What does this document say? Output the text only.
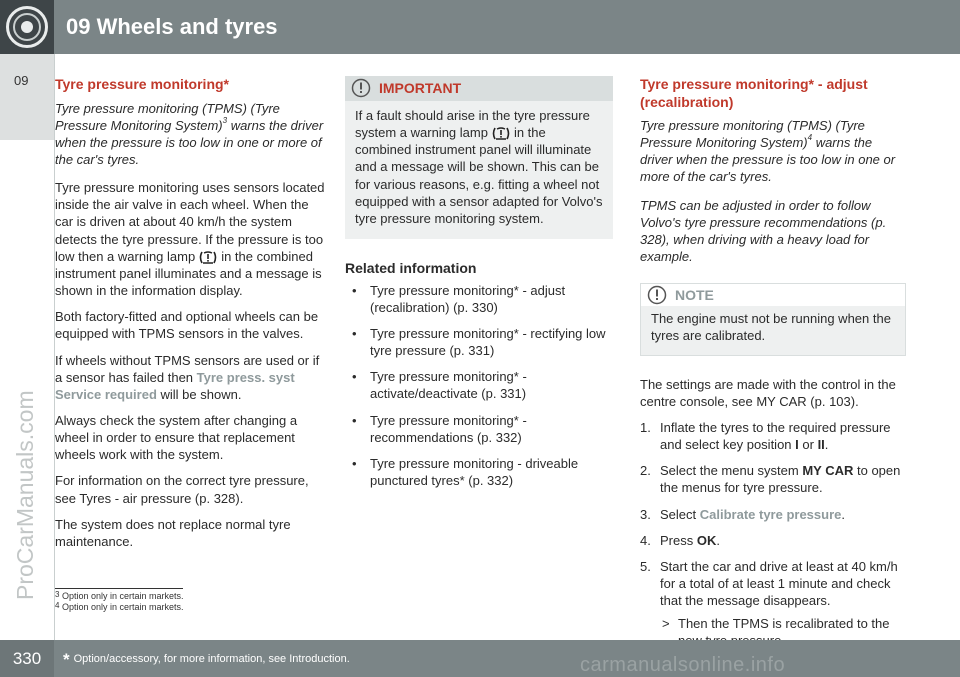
09 Wheels and tyres
09
ProCarManuals.com
Tyre pressure monitoring*
Tyre pressure monitoring (TPMS) (Tyre Pressure Monitoring System)$^3$ warns the driver when the pressure is too low in one or more of the car's tyres.
Tyre pressure monitoring uses sensors located inside the air valve in each wheel. When the car is driven at about 40 km/h the system detects the tyre pressure. If the pressure is too low then a warning lamp in the combined instrument panel illuminates and a message is shown in the information display.
Both factory-fitted and optional wheels can be equipped with TPMS sensors in the valves.
If wheels without TPMS sensors are used or if a sensor has failed then Tyre press. syst Service required will be shown.
Always check the system after changing a wheel in order to ensure that replacement wheels work with the system.
For information on the correct tyre pressure, see Tyres - air pressure (p. 328).
The system does not replace normal tyre maintenance.
IMPORTANT
If a fault should arise in the tyre pressure system a warning lamp in the combined instrument panel will illuminate and a message will be shown. This can be for various reasons, e.g. fitting a wheel not equipped with a sensor adapted for Volvo's tyre pressure monitoring system.
Related information
• Tyre pressure monitoring* - adjust (recalibration) (p. 330)
• Tyre pressure monitoring* - rectifying low tyre pressure (p. 331)
• Tyre pressure monitoring* - activate/deactivate (p. 331)
• Tyre pressure monitoring* - recommendations (p. 332)
• Tyre pressure monitoring - driveable punctured tyres* (p. 332)
Tyre pressure monitoring* - adjust (recalibration)
Tyre pressure monitoring (TPMS) (Tyre Pressure Monitoring System)$^4$ warns the driver when the pressure is too low in one or more of the car's tyres.
TPMS can be adjusted in order to follow Volvo's tyre pressure recommendations (p. 328), when driving with a heavy load for example.
NOTE
The engine must not be running when the tyres are calibrated.
The settings are made with the control in the centre console, see MY CAR (p. 103).
1. Inflate the tyres to the required pressure and select key position I or II.
2. Select the menu system MY CAR to open the menus for tyre pressure.
3. Select Calibrate tyre pressure.
4. Press OK.
5. Start the car and drive at least at 40 km/h for a total of at least 1 minute and check that the message disappears.
> Then the TPMS is recalibrated to the
3 Option only in certain markets.
4 Option only in certain markets.
330	* Option/accessory, for more information, see Introduction.	carmanualsonline.info
